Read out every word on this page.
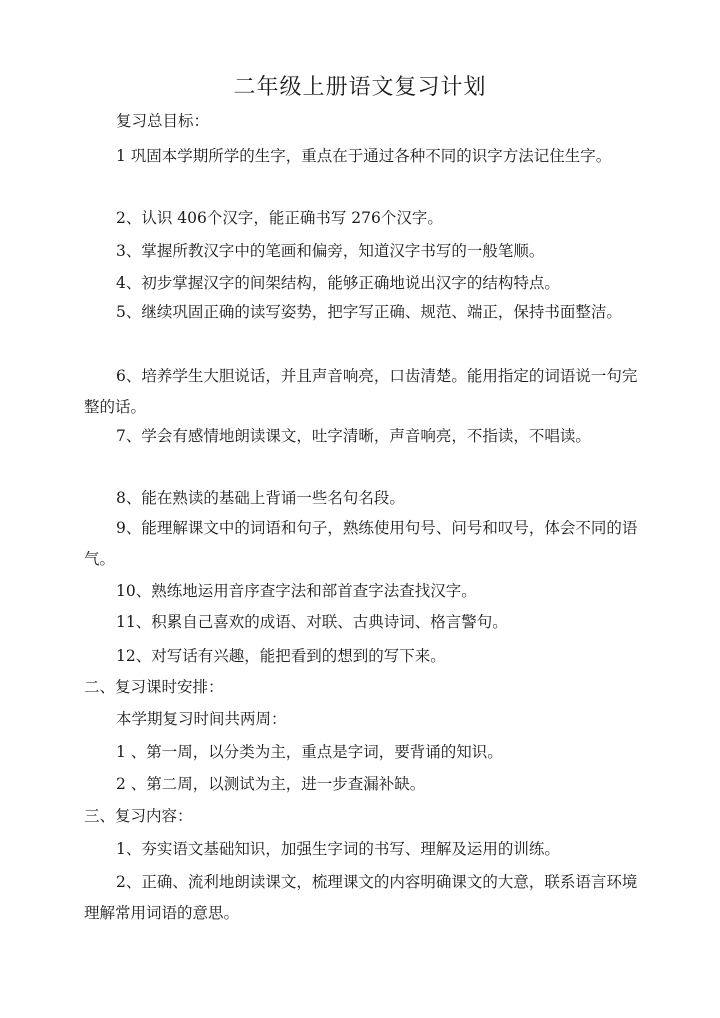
二年级上册语文复习计划

复习总目标：

1 巩固本学期所学的生字，重点在于通过各种不同的识字方法记住生字。

2、认识 406个汉字，能正确书写 276个汉字。

3、掌握所教汉字中的笔画和偏旁，知道汉字书写的一般笔顺。

4、初步掌握汉字的间架结构，能够正确地说出汉字的结构特点。

5、继续巩固正确的读写姿势，把字写正确、规范、端正，保持书面整洁。

6、培养学生大胆说话，并且声音响亮，口齿清楚。能用指定的词语说一句完整的话。

7、学会有感情地朗读课文，吐字清晰，声音响亮，不指读，不唱读。

8、能在熟读的基础上背诵一些名句名段。

9、能理解课文中的词语和句子，熟练使用句号、问号和叹号，体会不同的语气。

10、熟练地运用音序查字法和部首查字法查找汉字。

11、积累自己喜欢的成语、对联、古典诗词、格言警句。

12、对写话有兴趣，能把看到的想到的写下来。

二、复习课时安排：

本学期复习时间共两周：

1 、第一周，以分类为主，重点是字词，要背诵的知识。

2 、第二周，以测试为主，进一步查漏补缺。

三、复习内容：

1、夯实语文基础知识，加强生字词的书写、理解及运用的训练。

2、正确、流利地朗读课文，梳理课文的内容明确课文的大意，联系语言环境理解常用词语的意思。
